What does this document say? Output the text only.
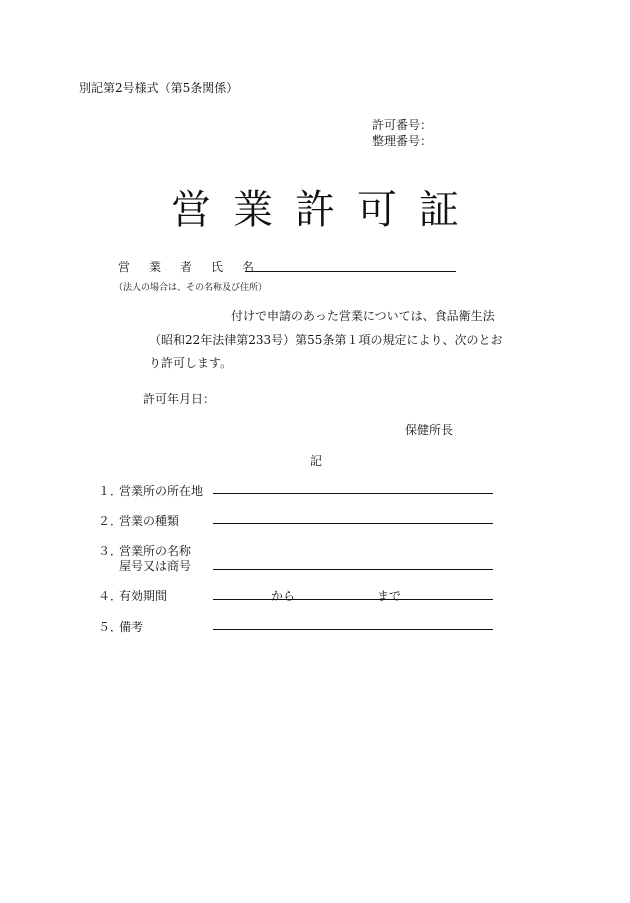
別記第2号様式（第5条関係）
許可番号：
整理番号：
営業許可証
営業者氏名
（法人の場合は、その名称及び住所）
付けで申請のあった営業については、食品衛生法
（昭和22年法律第233号）第55条第１項の規定により、次のとお
り許可します。
許可年月日：
保健所長
記
１．
営業所の所在地
２．
営業の種類
３．
営業所の名称
屋号又は商号
４．
有効期間	から	まで
５．
備考
